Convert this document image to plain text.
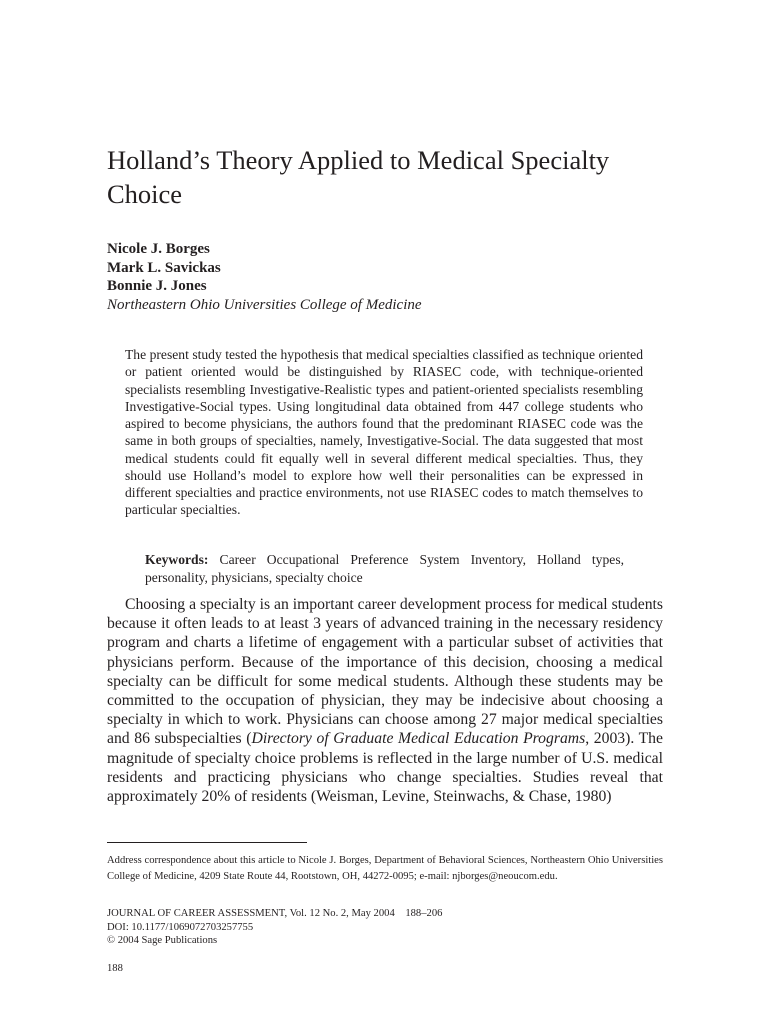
Holland’s Theory Applied to Medical Specialty Choice
Nicole J. Borges
Mark L. Savickas
Bonnie J. Jones
Northeastern Ohio Universities College of Medicine

The present study tested the hypothesis that medical specialties classified as technique oriented or patient oriented would be distinguished by RIASEC code, with technique-oriented specialists resembling Investigative-Realistic types and patient-oriented specialists resembling Investigative-Social types. Using longitudinal data obtained from 447 college students who aspired to become physicians, the authors found that the predominant RIASEC code was the same in both groups of specialties, namely, Investigative-Social. The data suggested that most medical students could fit equally well in several different medical specialties. Thus, they should use Holland’s model to explore how well their personalities can be expressed in different specialties and practice environments, not use RIASEC codes to match themselves to particular specialties.

Keywords: Career Occupational Preference System Inventory, Holland types, personality, physicians, specialty choice

Choosing a specialty is an important career development process for medical students because it often leads to at least 3 years of advanced training in the necessary residency program and charts a lifetime of engagement with a particular subset of activities that physicians perform. Because of the importance of this decision, choosing a medical specialty can be difficult for some medical students. Although these students may be committed to the occupation of physician, they may be indecisive about choosing a specialty in which to work. Physicians can choose among 27 major medical specialties and 86 subspecialties (Directory of Graduate Medical Education Programs, 2003). The magnitude of specialty choice problems is reflected in the large number of U.S. medical residents and practicing physicians who change specialties. Studies reveal that approximately 20% of residents (Weisman, Levine, Steinwachs, & Chase, 1980)

Address correspondence about this article to Nicole J. Borges, Department of Behavioral Sciences, Northeastern Ohio Universities College of Medicine, 4209 State Route 44, Rootstown, OH, 44272-0095; e-mail: njborges@neoucom.edu.

JOURNAL OF CAREER ASSESSMENT, Vol. 12 No. 2, May 2004    188–206
DOI: 10.1177/1069072703257755
© 2004 Sage Publications
188
